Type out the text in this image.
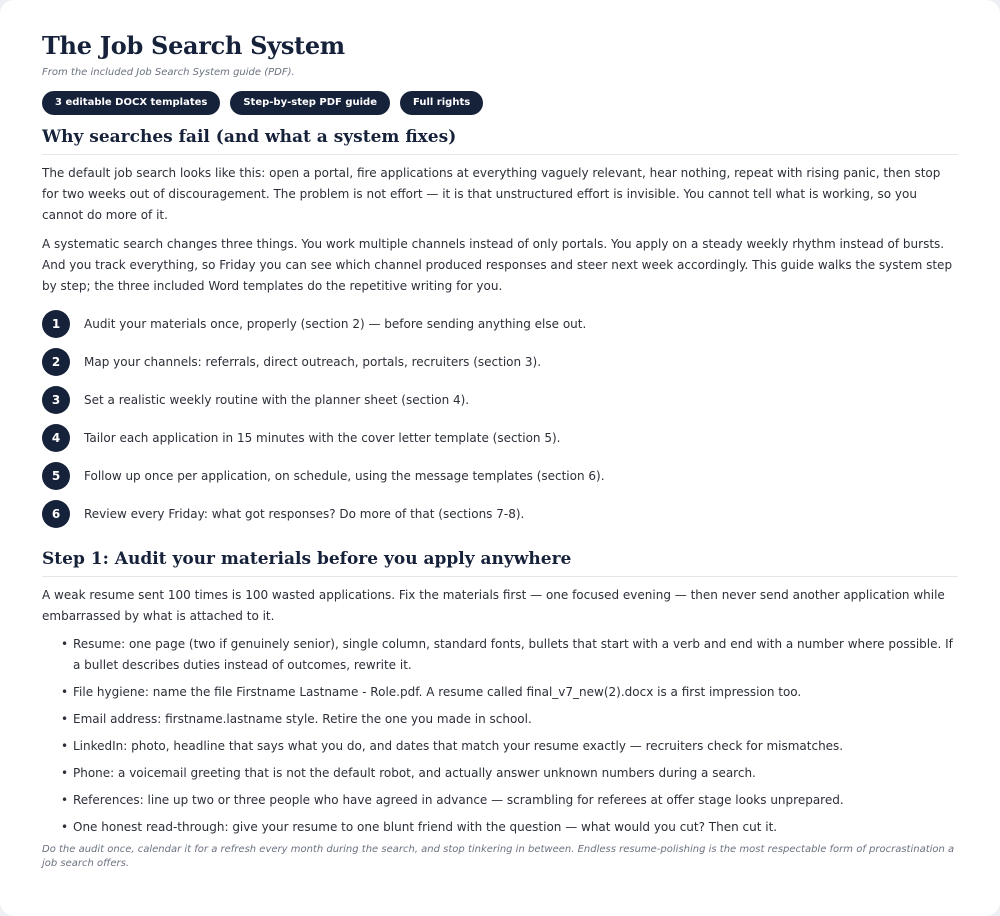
The Job Search System
From the included Job Search System guide (PDF).
3 editable DOCX templates	Step-by-step PDF guide	Full rights
Why searches fail (and what a system fixes)

The default job search looks like this: open a portal, fire applications at everything vaguely relevant, hear nothing, repeat with rising panic, then stop for two weeks out of discouragement. The problem is not effort — it is that unstructured effort is invisible. You cannot tell what is working, so you cannot do more of it.

A systematic search changes three things. You work multiple channels instead of only portals. You apply on a steady weekly rhythm instead of bursts. And you track everything, so Friday you can see which channel produced responses and steer next week accordingly. This guide walks the system step by step; the three included Word templates do the repetitive writing for you.

1	Audit your materials once, properly (section 2) — before sending anything else out.
2	Map your channels: referrals, direct outreach, portals, recruiters (section 3).
3	Set a realistic weekly routine with the planner sheet (section 4).
4	Tailor each application in 15 minutes with the cover letter template (section 5).
5	Follow up once per application, on schedule, using the message templates (section 6).
6	Review every Friday: what got responses? Do more of that (sections 7-8).
Step 1: Audit your materials before you apply anywhere

A weak resume sent 100 times is 100 wasted applications. Fix the materials first — one focused evening — then never send another application while embarrassed by what is attached to it.

• Resume: one page (two if genuinely senior), single column, standard fonts, bullets that start with a verb and end with a number where possible. If a bullet describes duties instead of outcomes, rewrite it.
• File hygiene: name the file Firstname Lastname - Role.pdf. A resume called final_v7_new(2).docx is a first impression too.
• Email address: firstname.lastname style. Retire the one you made in school.
• LinkedIn: photo, headline that says what you do, and dates that match your resume exactly — recruiters check for mismatches.
• Phone: a voicemail greeting that is not the default robot, and actually answer unknown numbers during a search.
• References: line up two or three people who have agreed in advance — scrambling for referees at offer stage looks unprepared.
• One honest read-through: give your resume to one blunt friend with the question — what would you cut? Then cut it.
Do the audit once, calendar it for a refresh every month during the search, and stop tinkering in between. Endless resume-polishing is the most respectable form of procrastination a job search offers.
